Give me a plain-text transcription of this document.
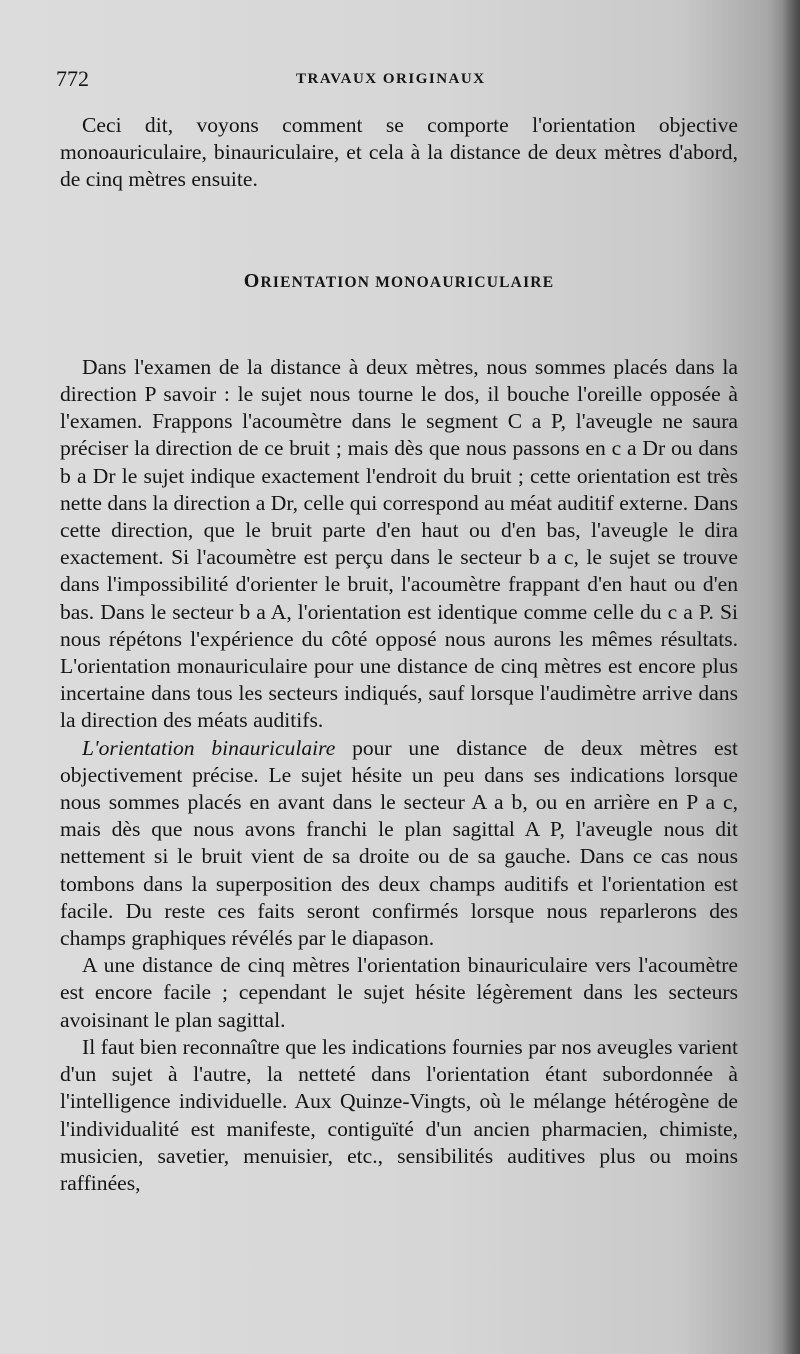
772	TRAVAUX ORIGINAUX

Ceci dit, voyons comment se comporte l'orientation objective monoauriculaire, binauriculaire, et cela à la distance de deux mètres d'abord, de cinq mètres ensuite.

ORIENTATION MONOAURICULAIRE

Dans l'examen de la distance à deux mètres, nous sommes placés dans la direction P savoir : le sujet nous tourne le dos, il bouche l'oreille opposée à l'examen. Frappons l'acoumètre dans le segment C a P, l'aveugle ne saura préciser la direction de ce bruit ; mais dès que nous passons en c a Dr ou dans b a Dr le sujet indique exactement l'endroit du bruit ; cette orientation est très nette dans la direction a Dr, celle qui correspond au méat auditif externe. Dans cette direction, que le bruit parte d'en haut ou d'en bas, l'aveugle le dira exactement. Si l'acoumètre est perçu dans le secteur b a c, le sujet se trouve dans l'impossibilité d'orienter le bruit, l'acoumètre frappant d'en haut ou d'en bas. Dans le secteur b a A, l'orientation est identique comme celle du c a P. Si nous répétons l'expérience du côté opposé nous aurons les mêmes résultats. L'orientation monauriculaire pour une distance de cinq mètres est encore plus incertaine dans tous les secteurs indiqués, sauf lorsque l'audimètre arrive dans la direction des méats auditifs.

L'orientation binauriculaire pour une distance de deux mètres est objectivement précise. Le sujet hésite un peu dans ses indications lorsque nous sommes placés en avant dans le secteur A a b, ou en arrière en P a c, mais dès que nous avons franchi le plan sagittal A P, l'aveugle nous dit nettement si le bruit vient de sa droite ou de sa gauche. Dans ce cas nous tombons dans la superposition des deux champs auditifs et l'orientation est facile. Du reste ces faits seront confirmés lorsque nous reparlerons des champs graphiques révélés par le diapason.

A une distance de cinq mètres l'orientation binauriculaire vers l'acoumètre est encore facile ; cependant le sujet hésite légèrement dans les secteurs avoisinant le plan sagittal.

Il faut bien reconnaître que les indications fournies par nos aveugles varient d'un sujet à l'autre, la netteté dans l'orientation étant subordonnée à l'intelligence individuelle. Aux Quinze-Vingts, où le mélange hétérogène de l'individualité est manifeste, contiguïté d'un ancien pharmacien, chimiste, musicien, savetier, menuisier, etc., sensibilités auditives plus ou moins raffinées,
